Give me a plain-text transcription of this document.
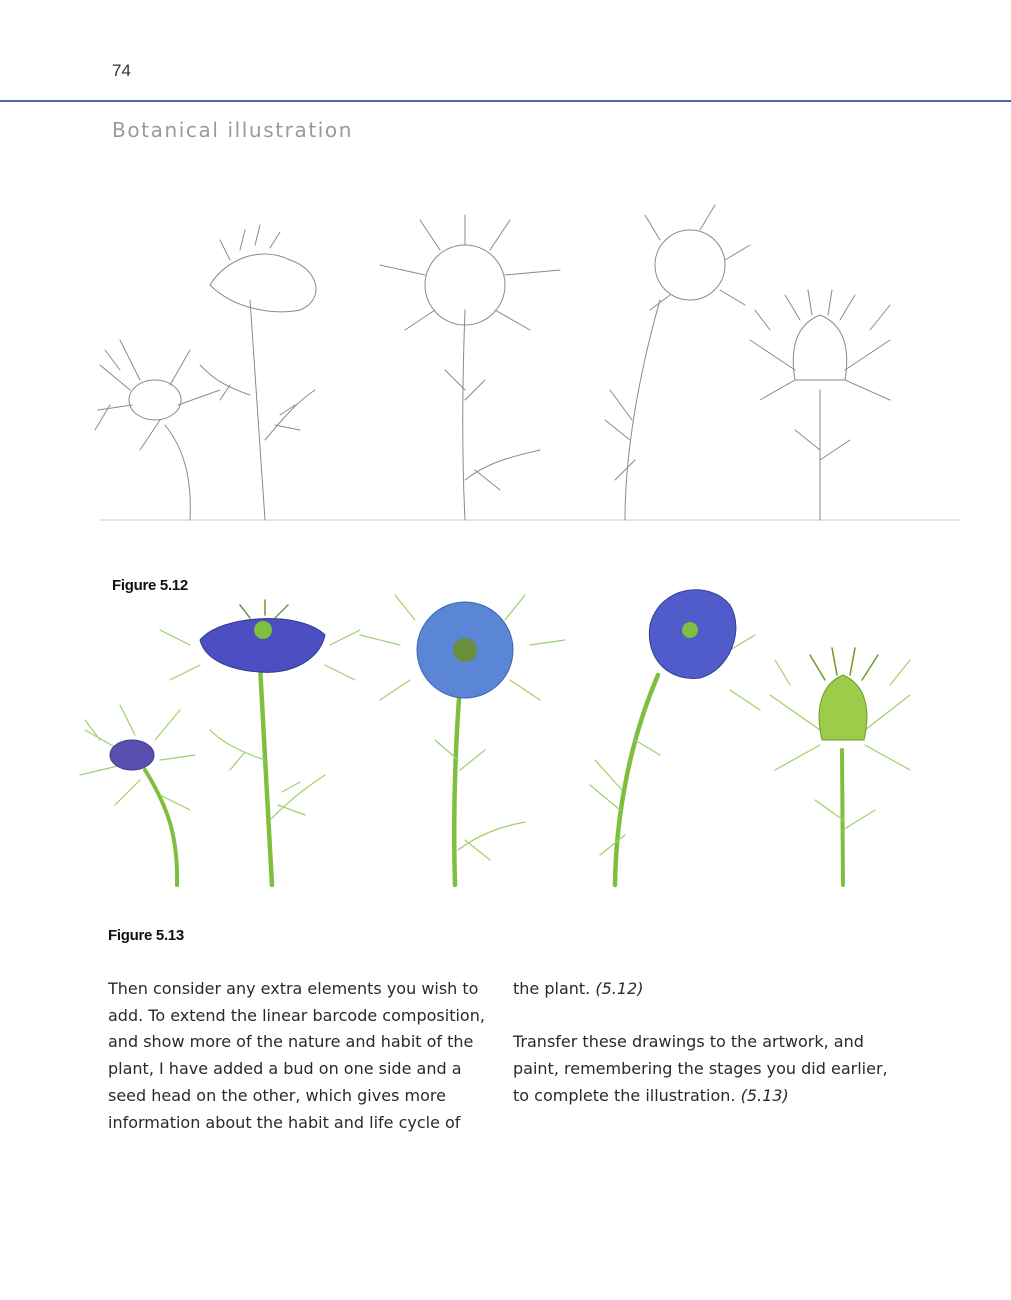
74
Botanical illustration
Figure 5.12
Figure 5.13

Then consider any extra elements you wish to add. To extend the linear barcode composition, and show more of the nature and habit of the plant, I have added a bud on one side and a seed head on the other, which gives more information about the habit and life cycle of

the plant. (5.12)

Transfer these drawings to the artwork, and paint, remembering the stages you did earlier, to complete the illustration. (5.13)
